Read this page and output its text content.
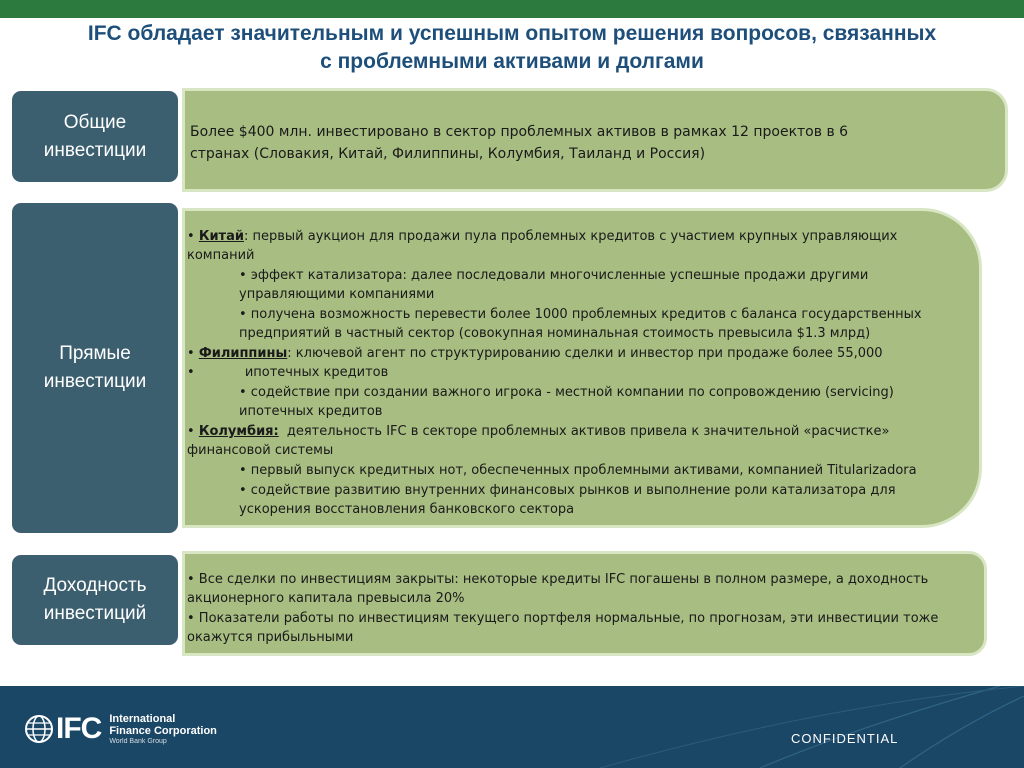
IFC обладает значительным и успешным опытом решения вопросов, связанных
с проблемными активами и долгами
Общие
инвестиции
Более $400 млн. инвестировано в сектор проблемных активов в рамках 12 проектов в 6
странах (Словакия, Китай, Филиппины, Колумбия, Таиланд и Россия)
Прямые
инвестиции
• Китай: первый аукцион для продажи пула проблемных кредитов с участием крупных управляющих
компаний
• эффект катализатора: далее последовали многочисленные успешные продажи другими
управляющими компаниями
• получена возможность перевести более 1000 проблемных кредитов с баланса государственных
предприятий в частный сектор (совокупная номинальная стоимость превысила $1.3 млрд)
• Филиппины: ключевой агент по структурированию сделки и инвестор при продаже более 55,000
•	ипотечных кредитов
• содействие при создании важного игрока - местной компании по сопровождению (servicing)
ипотечных кредитов
• Колумбия: деятельность IFC в секторе проблемных активов привела к значительной «расчистке»
финансовой системы
• первый выпуск кредитных нот, обеспеченных проблемными активами, компанией Titularizadora
• содействие развитию внутренних финансовых рынков и выполнение роли катализатора для
ускорения восстановления банковского сектора
Доходность
инвестиций
• Все сделки по инвестициям закрыты: некоторые кредиты IFC погашены в полном размере, а доходность
акционерного капитала превысила 20%
• Показатели работы по инвестициям текущего портфеля нормальные, по прогнозам, эти инвестиции тоже
окажутся прибыльными
IFC International
Finance Corporation
World Bank Group	CONFIDENTIAL
